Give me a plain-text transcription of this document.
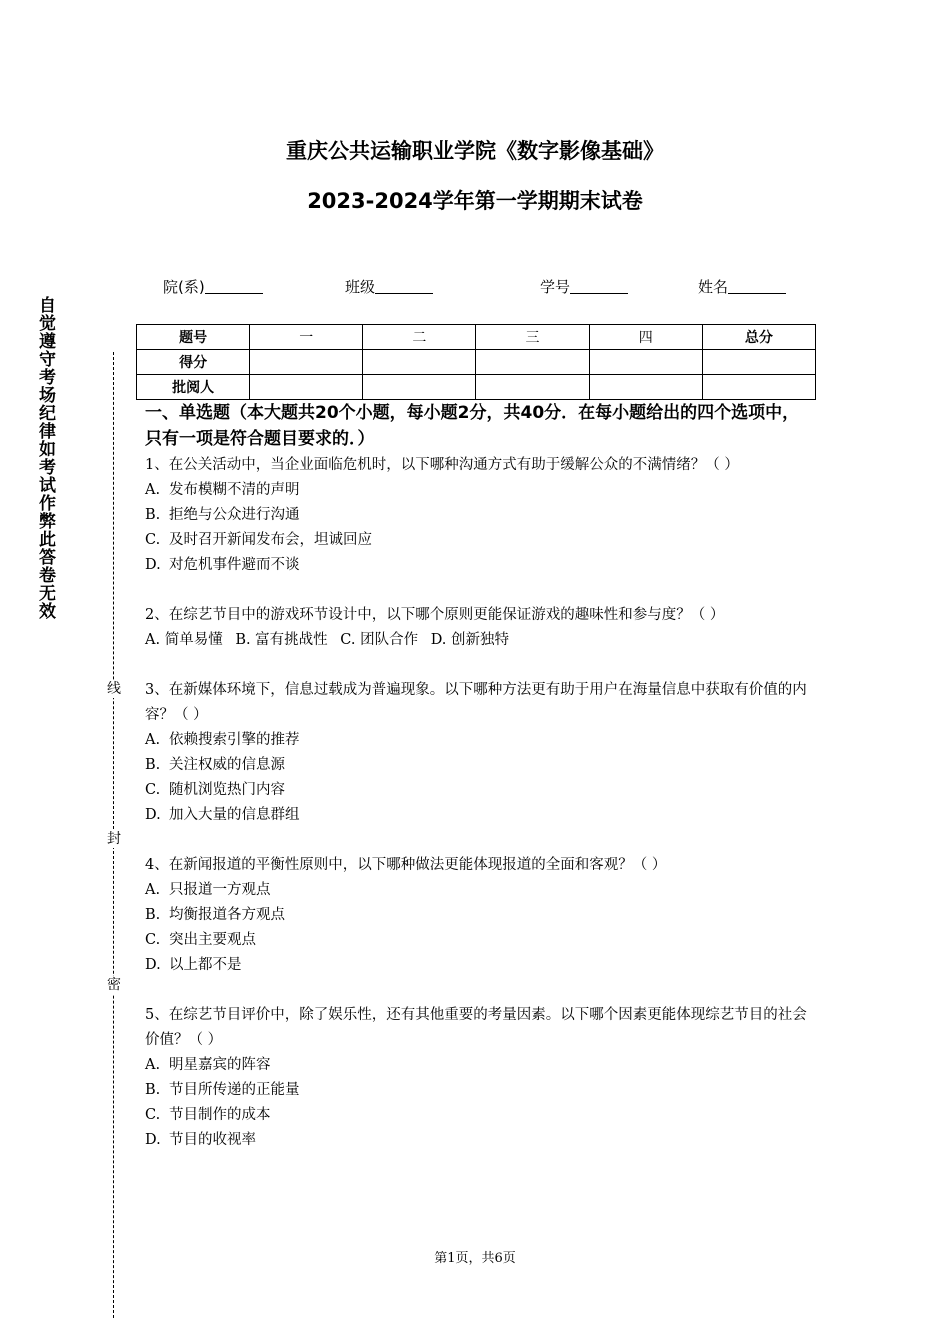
重庆公共运输职业学院《数字影像基础》
2023-2024学年第一学期期末试卷
院(系)	班级	学号	姓名
题号	一	二	三	四	总分
得分					
批阅人					
自觉遵守考场纪律如考试作弊此答卷无效
线
封
密

一、单选题（本大题共20个小题，每小题2分，共40分．在每小题给出的四个选项中，只有一项是符合题目要求的．）

1、在公关活动中，当企业面临危机时，以下哪种沟通方式有助于缓解公众的不满情绪？（ ）

A. 发布模糊不清的声明

B. 拒绝与公众进行沟通

C. 及时召开新闻发布会，坦诚回应

D. 对危机事件避而不谈

2、在综艺节目中的游戏环节设计中，以下哪个原则更能保证游戏的趣味性和参与度？（ ）

A. 简单易懂 B. 富有挑战性 C. 团队合作 D. 创新独特

3、在新媒体环境下，信息过载成为普遍现象。以下哪种方法更有助于用户在海量信息中获取有价值的内容？（ ）

A. 依赖搜索引擎的推荐

B. 关注权威的信息源

C. 随机浏览热门内容

D. 加入大量的信息群组

4、在新闻报道的平衡性原则中，以下哪种做法更能体现报道的全面和客观？（ ）

A. 只报道一方观点

B. 均衡报道各方观点

C. 突出主要观点

D. 以上都不是

5、在综艺节目评价中，除了娱乐性，还有其他重要的考量因素。以下哪个因素更能体现综艺节目的社会价值？（ ）

A. 明星嘉宾的阵容

B. 节目所传递的正能量

C. 节目制作的成本

D. 节目的收视率

第1页，共6页
